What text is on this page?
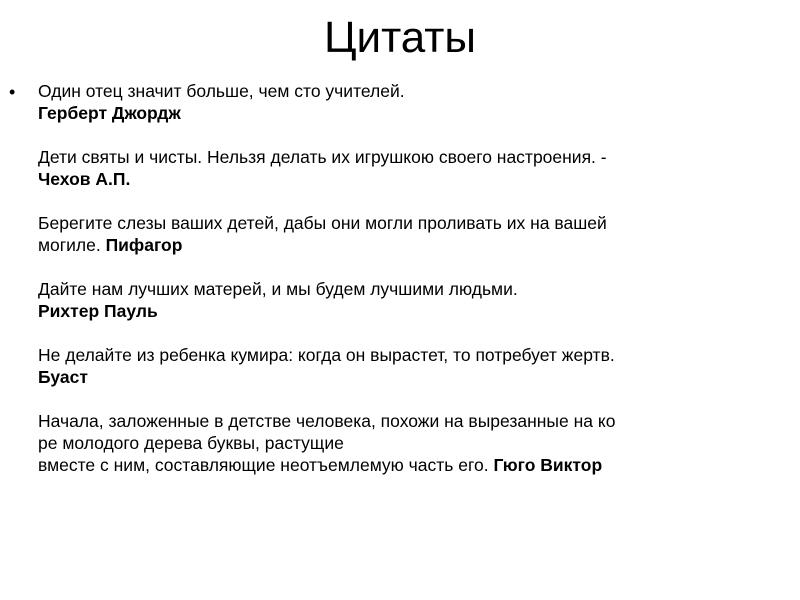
Цитаты
• Один отец значит больше, чем сто учителей.
Герберт Джордж
Дети святы и чисты. Нельзя делать их игрушкою своего настроения. -
Чехов А.П.
Берегите слезы ваших детей, дабы они могли проливать их на вашей
могиле. Пифагор
Дайте нам лучших матерей, и мы будем лучшими людьми.
Рихтер Пауль
Не делайте из ребенка кумира: когда он вырастет, то потребует жертв.
Буаст
Начала, заложенные в детстве человека, похожи на вырезанные на ко
ре молодого дерева буквы, растущие
вместе с ним, составляющие неотъемлемую часть его. Гюго Виктор
